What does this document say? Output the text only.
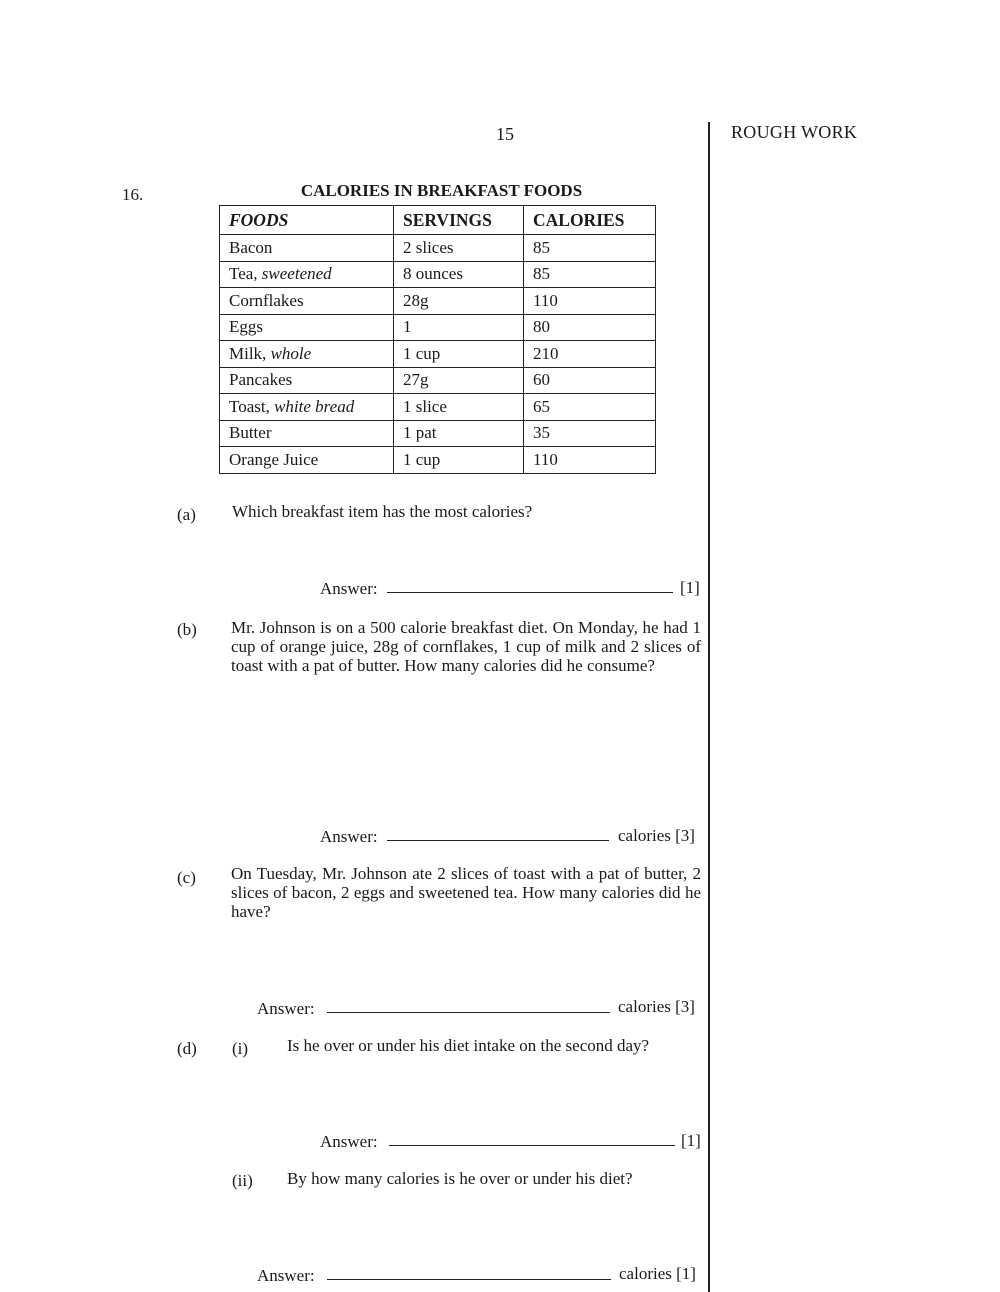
15	ROUGH WORK
16.	CALORIES IN BREAKFAST FOODS
FOODS	SERVINGS	CALORIES
Bacon	2 slices	85
Tea, sweetened	8 ounces	85
Cornflakes	28g	110
Eggs	1	80
Milk, whole	1 cup	210
Pancakes	27g	60
Toast, white bread	1 slice	65
Butter	1 pat	35
Orange Juice	1 cup	110
(a) Which breakfast item has the most calories?
Answer:	[1]
(b) Mr. Johnson is on a 500 calorie breakfast diet. On Monday, he had 1 cup of orange juice, 28g of cornflakes, 1 cup of milk and 2 slices of toast with a pat of butter. How many calories did he consume?
Answer:	calories [3]
(c) On Tuesday, Mr. Johnson ate 2 slices of toast with a pat of butter, 2 slices of bacon, 2 eggs and sweetened tea. How many calories did he have?
Answer:	calories [3]
(d) (i) Is he over or under his diet intake on the second day?
Answer:	[1]
(ii) By how many calories is he over or under his diet?
Answer:	calories [1]
